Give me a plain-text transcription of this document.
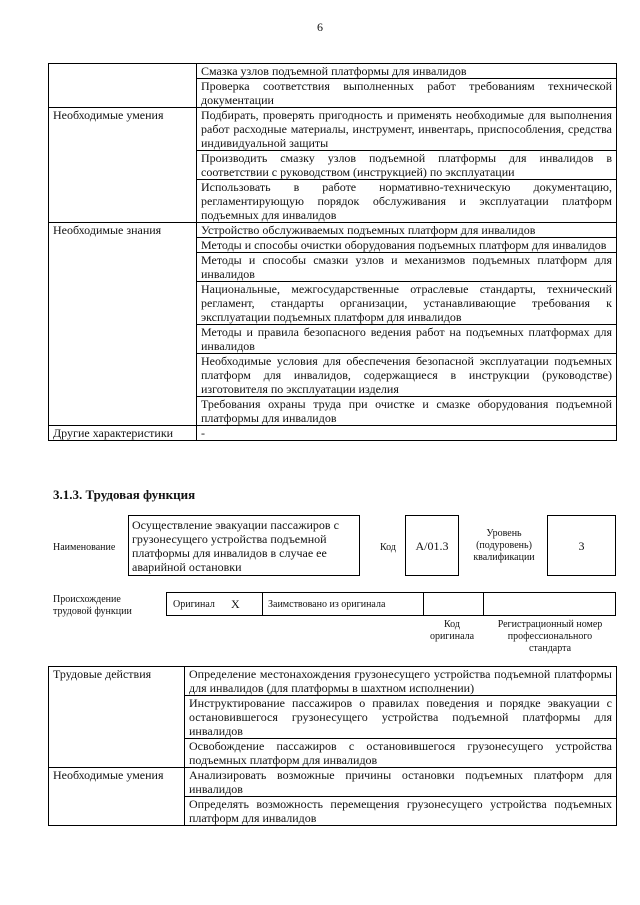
6
	Смазка узлов подъемной платформы для инвалидов
	Проверка соответствия выполненных работ требованиям технической документации
Необходимые умения	Подбирать, проверять пригодность и применять необходимые для выполнения работ расходные материалы, инструмент, инвентарь, приспособления, средства индивидуальной защиты
	Производить смазку узлов подъемной платформы для инвалидов в соответствии с руководством (инструкцией) по эксплуатации
	Использовать в работе нормативно-техническую документацию, регламентирующую порядок обслуживания и эксплуатации платформ подъемных для инвалидов
Необходимые знания	Устройство обслуживаемых подъемных платформ для инвалидов
	Методы и способы очистки оборудования подъемных платформ для инвалидов
	Методы и способы смазки узлов и механизмов подъемных платформ для инвалидов
	Национальные, межгосударственные отраслевые стандарты, технический регламент, стандарты организации, устанавливающие требования к эксплуатации подъемных платформ для инвалидов
	Методы и правила безопасного ведения работ на подъемных платформах для инвалидов
	Необходимые условия для обеспечения безопасной эксплуатации подъемных платформ для инвалидов, содержащиеся в инструкции (руководстве) изготовителя по эксплуатации изделия
	Требования охраны труда при очистке и смазке оборудования подъемной платформы для инвалидов
Другие характеристики	-
3.1.3. Трудовая функция
Наименование
Осуществление эвакуации пассажиров с грузонесущего устройства подъемной платформы для инвалидов в случае ее аварийной остановки
Код А/01.3
Уровень (подуровень) квалификации
3
Происхождение трудовой функции
Оригинал X	Заимствовано из оригинала
Код оригинала
Регистрационный номер профессионального стандарта
Трудовые действия	Определение местонахождения грузонесущего устройства подъемной платформы для инвалидов (для платформы в шахтном исполнении)
	Инструктирование пассажиров о правилах поведения и порядке эвакуации с остановившегося грузонесущего устройства подъемной платформы для инвалидов
	Освобождение пассажиров с остановившегося грузонесущего устройства подъемных платформ для инвалидов
Необходимые умения	Анализировать возможные причины остановки подъемных платформ для инвалидов
	Определять возможность перемещения грузонесущего устройства подъемных платформ для инвалидов
